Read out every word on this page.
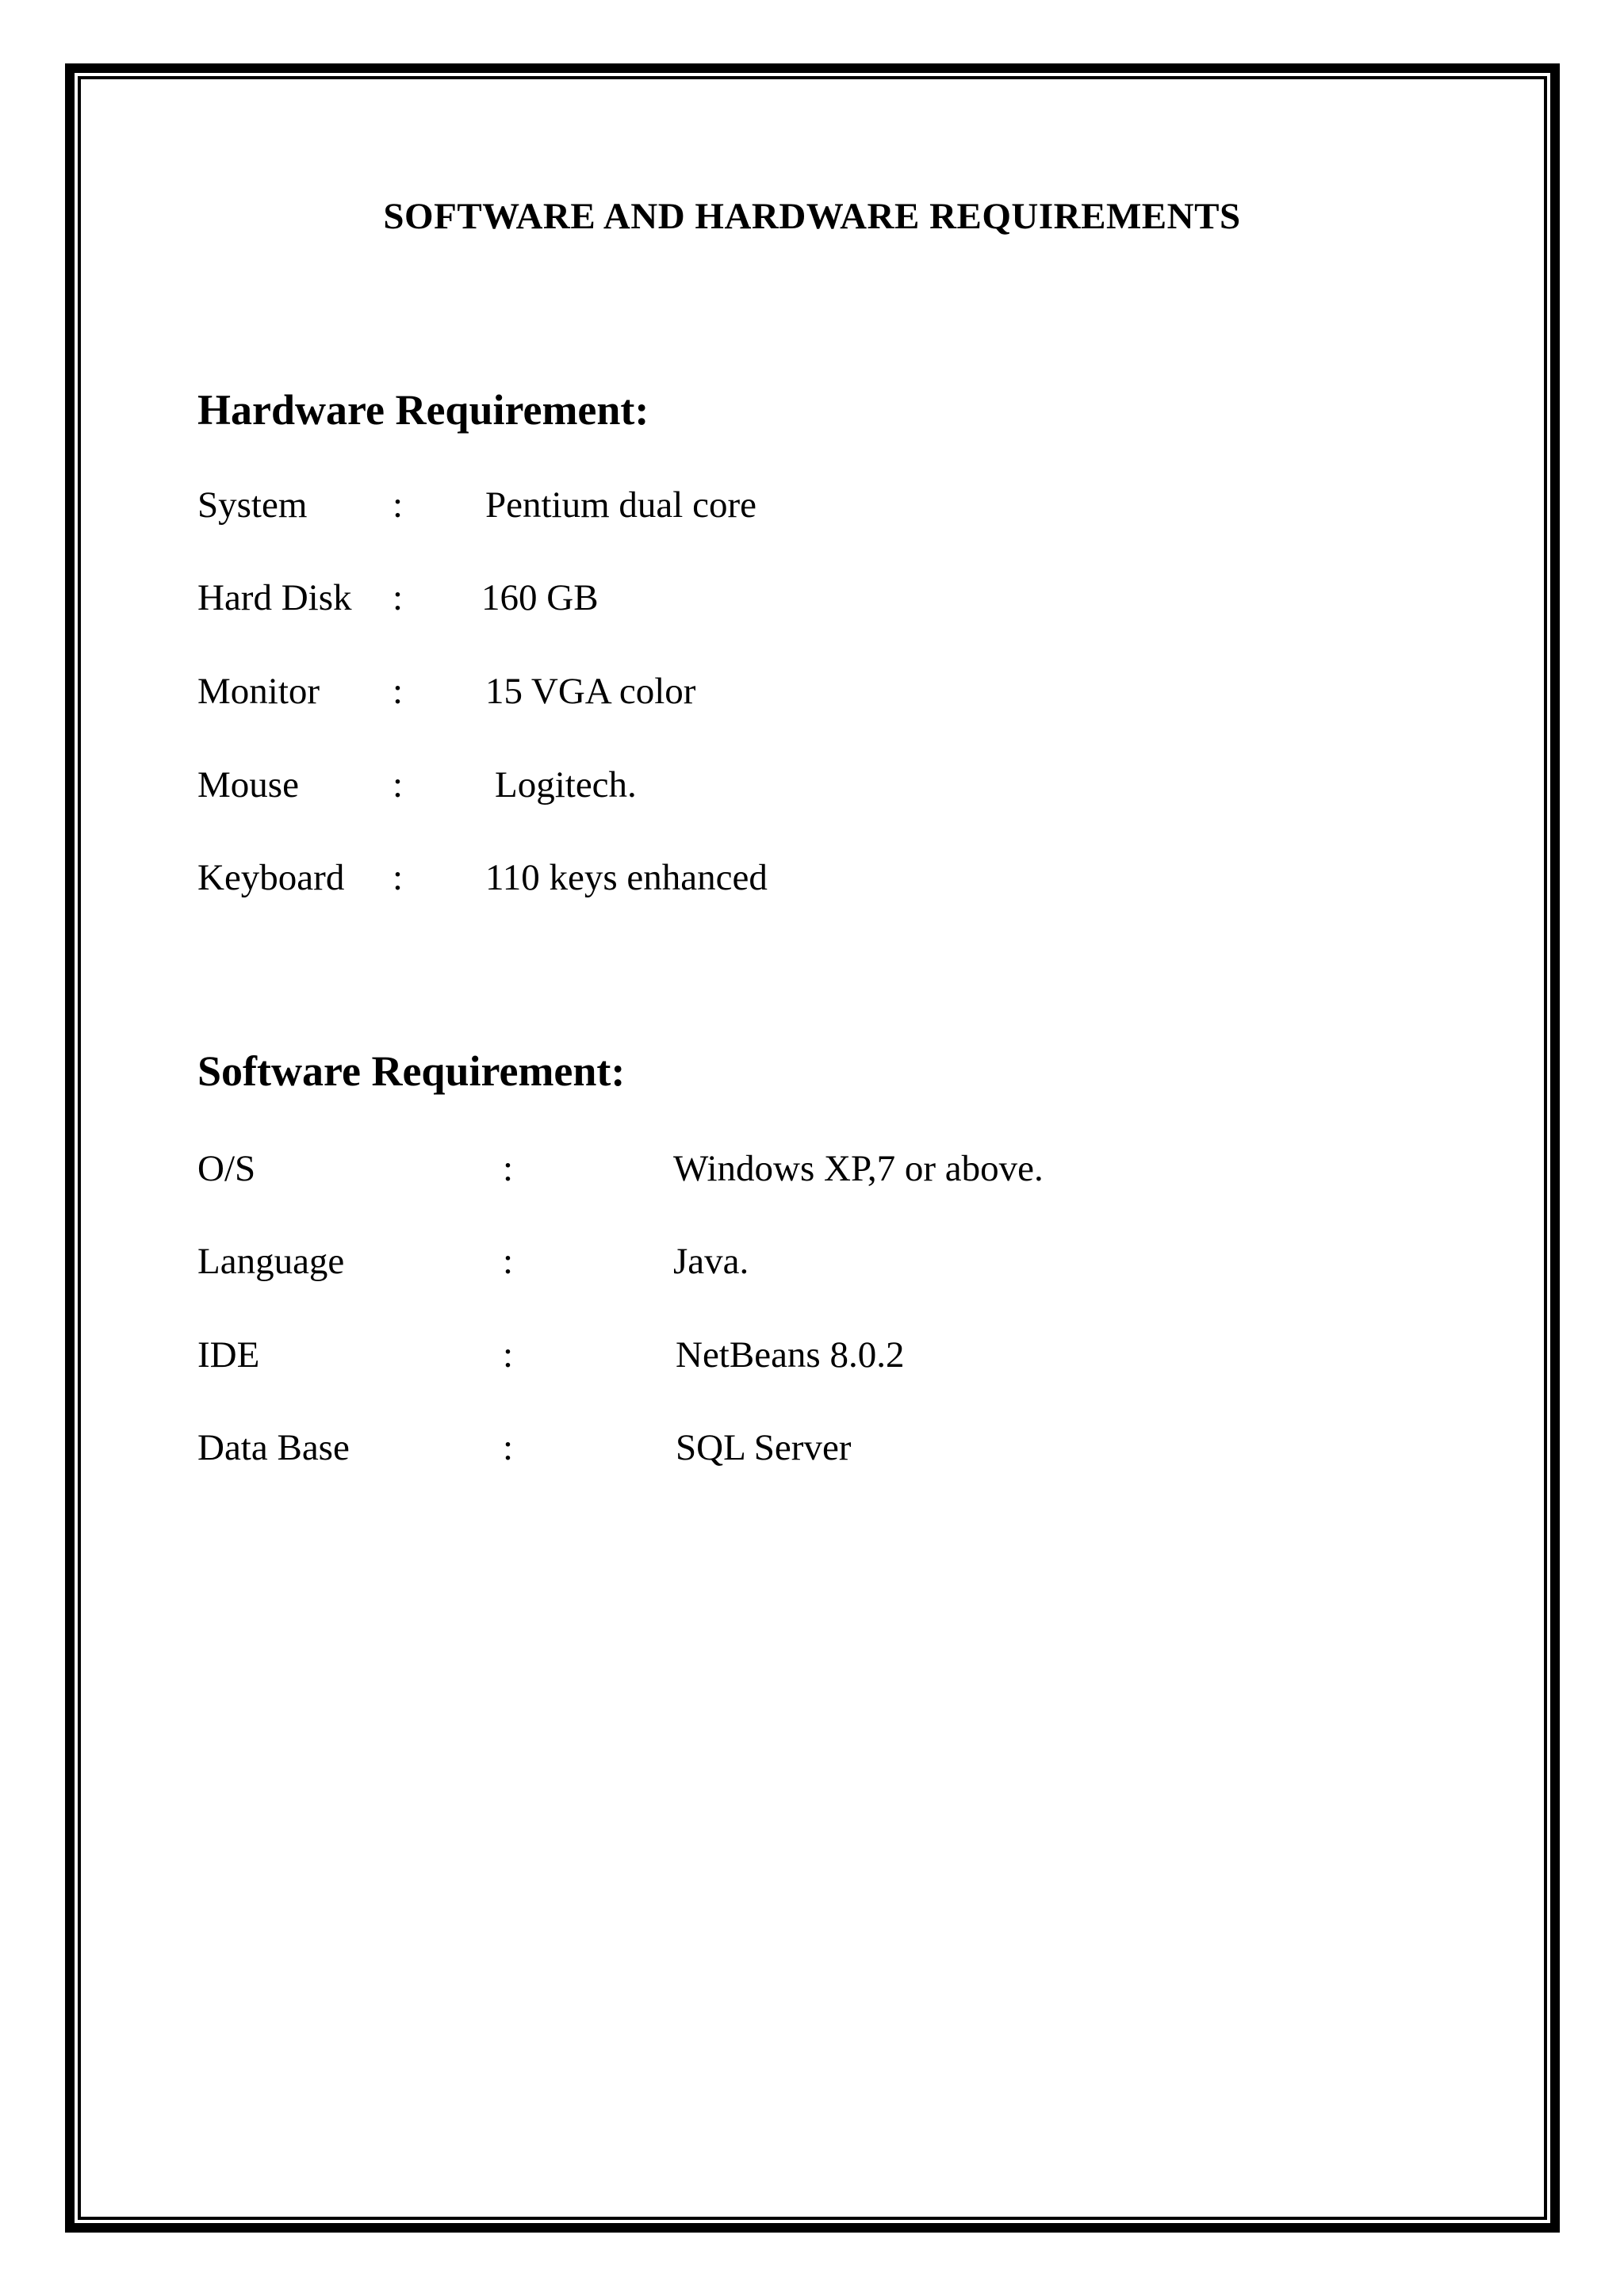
SOFTWARE AND HARDWARE REQUIREMENTS
Hardware Requirement:
System : Pentium dual core
Hard Disk : 160 GB
Monitor : 15 VGA color
Mouse	: Logitech.
Keyboard : 110 keys enhanced
Software Requirement:
O/S	:	Windows XP,7 or above.
Language	:	Java.
IDE	:	NetBeans 8.0.2
Data Base	:	SQL Server
